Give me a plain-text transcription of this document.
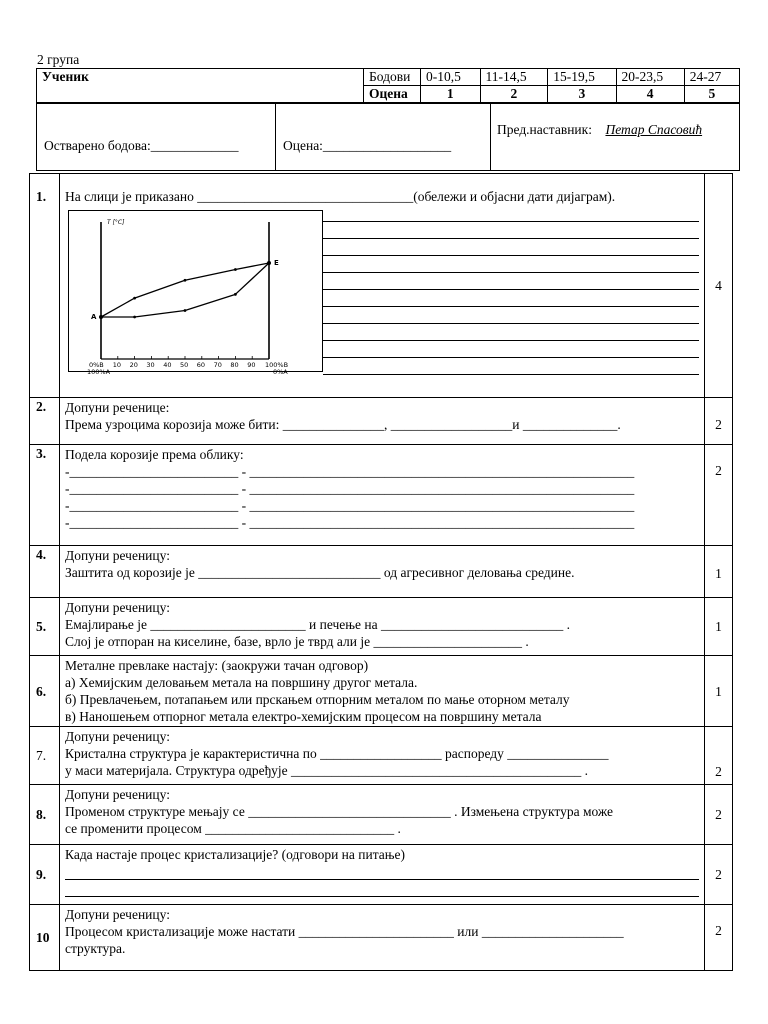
2 група
Ученик	Бодови	0-10,5	11-14,5	15-19,5	20-23,5	24-27
	Оцена	1	2	3	4	5
Остварено бодова:_____________	Оцена:___________________
Пред.наставник: Петар Спасовић
1.	На слици је приказано ________________________________(обележи и објасни дати дијаграм).	4
2.	Допуни реченице:
Према узроцима корозија може бити: _______________, __________________и ______________.	2
3.	Подела корозије према облику:
-_________________________ - _________________________________________________________
-_________________________ - _________________________________________________________
-_________________________ - _________________________________________________________
-_________________________ - _________________________________________________________	2
4.	Допуни реченицу:
Заштита од корозије је ___________________________ од агресивног деловања средине.	1
5.	Допуни реченицу:
Емајлирање је _______________________ и печење на ___________________________ .
Слој је отпоран на киселине, базе, врло је тврд али је ______________________ .	1
6.	Металне превлаке настају: (заокружи тачан одговор)
а) Хемијским деловањем метала на површину другог метала.
б) Превлачењем, потапањем или прскањем отпорним металом по мање оторном металу
в) Наношењем отпорног метала електро-хемијским процесом на површину метала	1
7.	Допуни реченицу:
Кристална структура је карактеристична по __________________ распореду _______________
у маси материјала. Структура одређује ___________________________________________ .	2
8.	Допуни реченицу:
Променом структуре мењају се ______________________________ . Измењена структура може
се променити процесом ____________________________ .	2
9.	Када настаје процес кристализације? (одговори на питање)	2
10	Допуни реченицу:
Процесом кристализације може настати _______________________ или _____________________
структура.	2
T [°C]
A
E
0%B 10 20 30 40 50 60 70 80 90 100%B
100%A	0%A
